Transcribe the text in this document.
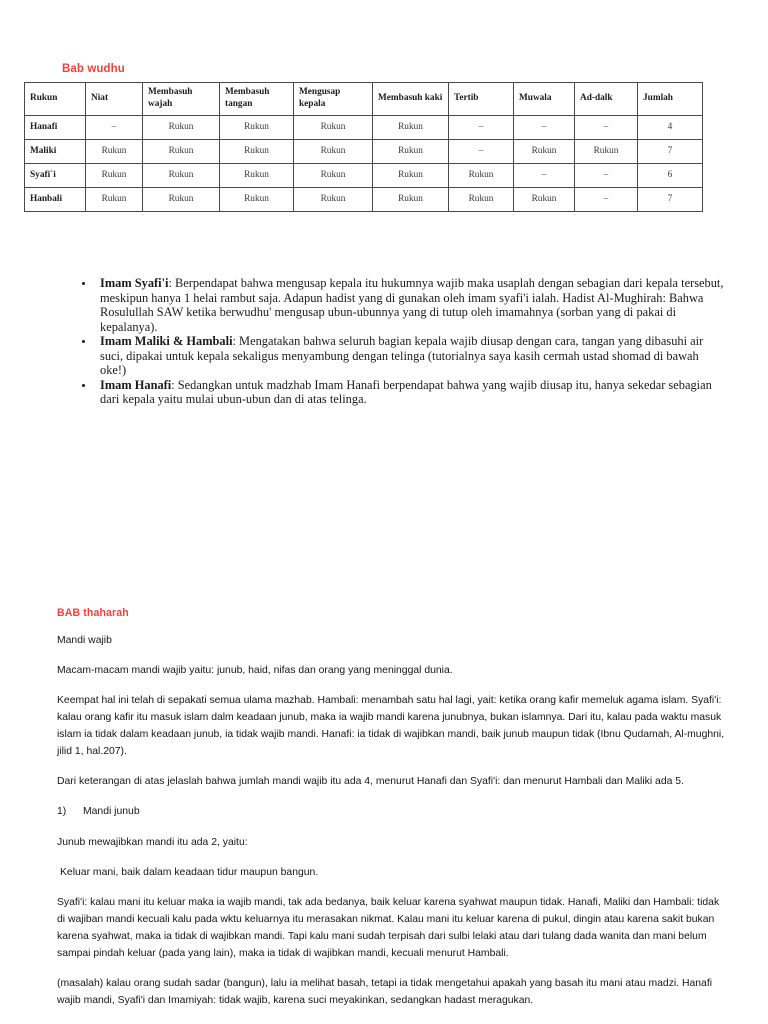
Bab wudhu
Rukun	Niat	Membasuh wajah	Membasuh tangan	Mengusap kepala	Membasuh kaki	Tertib	Muwala	Ad-dalk	Jumlah
Hanafi	–	Rukun	Rukun	Rukun	Rukun	–	–	–	4
Maliki	Rukun	Rukun	Rukun	Rukun	Rukun	–	Rukun	Rukun	7
Syafi`i	Rukun	Rukun	Rukun	Rukun	Rukun	Rukun	–	–	6
Hanbali	Rukun	Rukun	Rukun	Rukun	Rukun	Rukun	Rukun	–	7
Imam Syafi'i: Berpendapat bahwa mengusap kepala itu hukumnya wajib maka usaplah dengan sebagian dari kepala tersebut, meskipun hanya 1 helai rambut saja. Adapun hadist yang di gunakan oleh imam syafi'i ialah. Hadist Al-Mughirah: Bahwa Rosulullah SAW ketika berwudhu' mengusap ubun-ubunnya yang di tutup oleh imamahnya (sorban yang di pakai di kepalanya).
Imam Maliki & Hambali: Mengatakan bahwa seluruh bagian kepala wajib diusap dengan cara, tangan yang dibasuhi air suci, dipakai untuk kepala sekaligus menyambung dengan telinga (tutorialnya saya kasih cermah ustad shomad di bawah oke!)
Imam Hanafi: Sedangkan untuk madzhab Imam Hanafi berpendapat bahwa yang wajib diusap itu, hanya sekedar sebagian dari kepala yaitu mulai ubun-ubun dan di atas telinga.
BAB thaharah

Mandi wajib

Macam-macam mandi wajib yaitu: junub, haid, nifas dan orang yang meninggal dunia.

Keempat hal ini telah di sepakati semua ulama mazhab. Hambali: menambah satu hal lagi, yait: ketika orang kafir memeluk agama islam. Syafi'i: kalau orang kafir itu masuk islam dalm keadaan junub, maka ia wajib mandi karena junubnya, bukan islamnya. Dari itu, kalau pada waktu masuk islam ia tidak dalam keadaan junub, ia tidak wajib mandi. Hanafi: ia tidak di wajibkan mandi, baik junub maupun tidak (Ibnu Qudamah, Al-mughni, jilid 1, hal.207).

Dari keterangan di atas jelaslah bahwa jumlah mandi wajib itu ada 4, menurut Hanafi dan Syafi'i: dan menurut Hambali dan Maliki ada 5.

1) Mandi junub

Junub mewajibkan mandi itu ada 2, yaitu:

Keluar mani, baik dalam keadaan tidur maupun bangun.

Syafi'i: kalau mani itu keluar maka ia wajib mandi, tak ada bedanya, baik keluar karena syahwat maupun tidak. Hanafi, Maliki dan Hambali: tidak di wajiban mandi kecuali kalu pada wktu keluarnya itu merasakan nikmat. Kalau mani itu keluar karena di pukul, dingin atau karena sakit bukan karena syahwat, maka ia tidak di wajibkan mandi. Tapi kalu mani sudah terpisah dari sulbi lelaki atau dari tulang dada wanita dan mani belum sampai pindah keluar (pada yang lain), maka ia tidak di wajibkan mandi, kecuali menurut Hambali.

(masalah) kalau orang sudah sadar (bangun), lalu ia melihat basah, tetapi ia tidak mengetahui apakah yang basah itu mani atau madzi. Hanafi wajib mandi, Syafi'i dan Imamiyah: tidak wajib, karena suci meyakinkan, sedangkan hadast meragukan.
